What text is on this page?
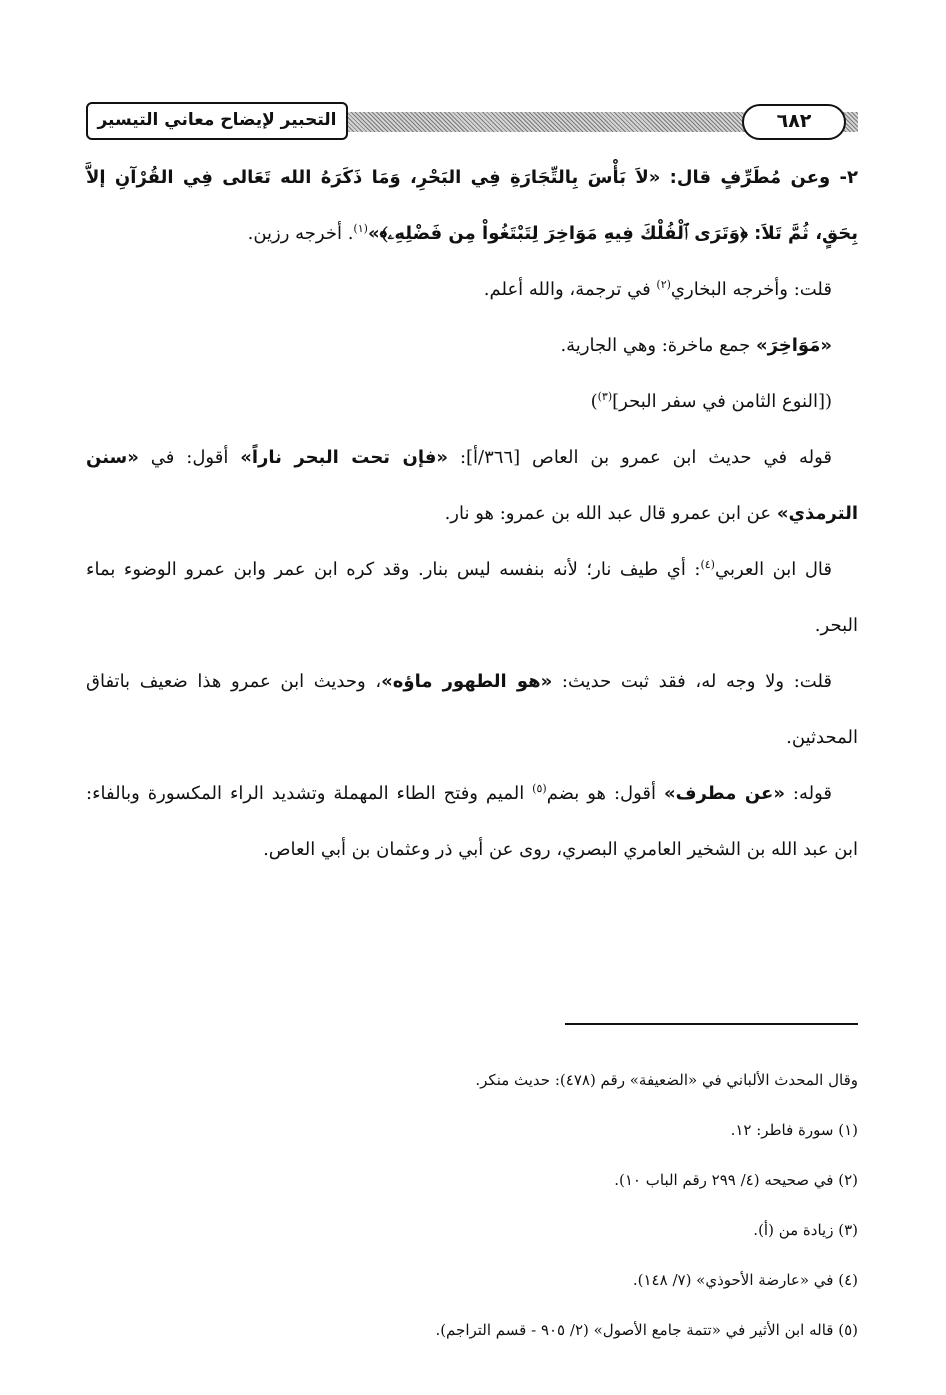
التحبير لإيضاح معاني التيسير	٦٨٢

٢- وعن مُطَرِّفٍ قال: «لاَ بَأْسَ بِالتِّجَارَةِ فِي البَحْرِ، وَمَا ذَكَرَهُ الله تَعَالى فِي القُرْآنِ إلاَّ بِحَقٍ، ثُمَّ تَلاَ: ﴿وَتَرَى ٱلْفُلْكَ فِيهِ مَوَاخِرَ لِتَبْتَغُواْ مِن فَضْلِهِۦ﴾»$^{(١)}$. أخرجه رزين.

قلت: وأخرجه البخاري$^{(٢)}$ في ترجمة، والله أعلم.

«مَوَاخِرَ» جمع ماخرة: وهي الجارية.

([النوع الثامن في سفر البحر]$^{(٣)}$)

قوله في حديث ابن عمرو بن العاص [٣٦٦/أ]: «فإن تحت البحر ناراً» أقول: في «سنن الترمذي» عن ابن عمرو قال عبد الله بن عمرو: هو نار.

قال ابن العربي$^{(٤)}$: أي طيف نار؛ لأنه بنفسه ليس بنار. وقد كره ابن عمر وابن عمرو الوضوء بماء البحر.

قلت: ولا وجه له، فقد ثبت حديث: «هو الطهور ماؤه»، وحديث ابن عمرو هذا ضعيف باتفاق المحدثين.

قوله: «عن مطرف» أقول: هو بضم$^{(٥)}$ الميم وفتح الطاء المهملة وتشديد الراء المكسورة وبالفاء: ابن عبد الله بن الشخير العامري البصري، روى عن أبي ذر وعثمان بن أبي العاص.

وقال المحدث الألباني في «الضعيفة» رقم (٤٧٨): حديث منكر.

(١) سورة فاطر: ١٢.

(٢) في صحيحه (٤/ ٢٩٩ رقم الباب ١٠).

(٣) زيادة من (أ).

(٤) في «عارضة الأحوذي» (٧/ ١٤٨).

(٥) قاله ابن الأثير في «تتمة جامع الأصول» (٢/ ٩٠٥ - قسم التراجم).
